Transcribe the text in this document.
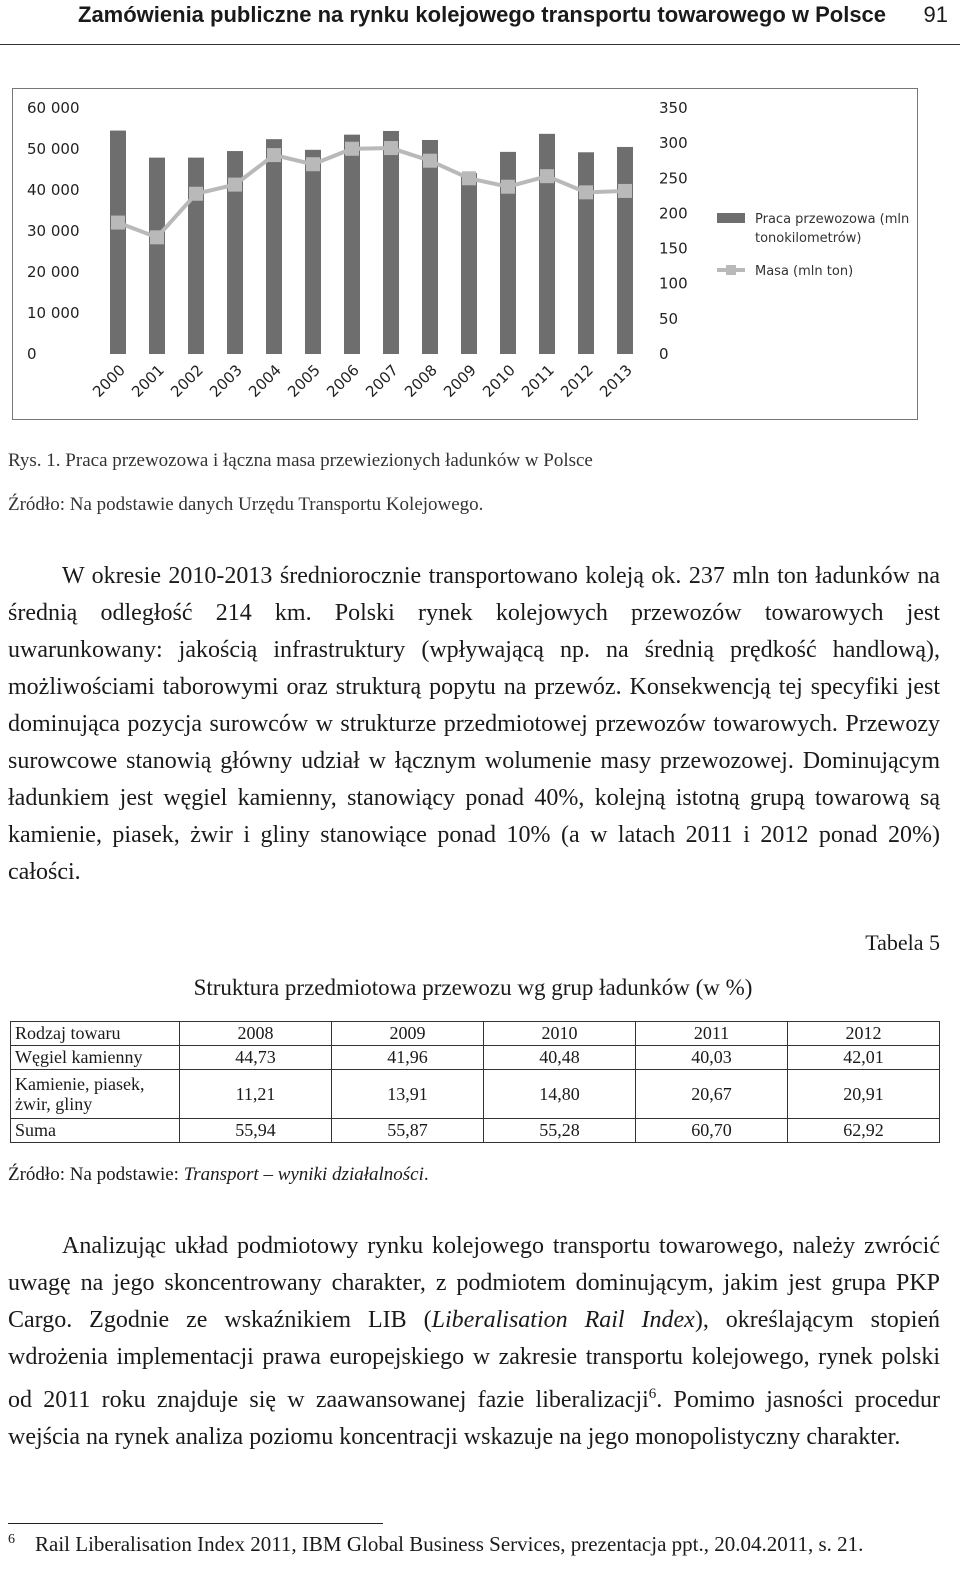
Zamówienia publiczne na rynku kolejowego transportu towarowego w Polsce 91
0
10 000
20 000
30 000
40 000
50 000
60 000
0
50
100
150
200
250
300
350
2000 2001 2002 2003 2004 2005 2006 2007 2008 2009 2010 2011 2012 2013
Praca przewozowa (mln
tonokilometrów)
Masa (mln ton)
Rys. 1. Praca przewozowa i łączna masa przewiezionych ładunków w Polsce
Źródło: Na podstawie danych Urzędu Transportu Kolejowego.

W okresie 2010-2013 średniorocznie transportowano koleją ok. 237 mln ton ładunków na średnią odległość 214 km. Polski rynek kolejowych przewozów towarowych jest uwarunkowany: jakością infrastruktury (wpływającą np. na średnią prędkość handlową), możliwościami taborowymi oraz strukturą popytu na przewóz. Konsekwencją tej specyfiki jest dominująca pozycja surowców w strukturze przedmiotowej przewozów towarowych. Przewozy surowcowe stanowią główny udział w łącznym wolumenie masy przewozowej. Dominującym ładunkiem jest węgiel kamienny, stanowiący ponad 40%, kolejną istotną grupą towarową są kamienie, piasek, żwir i gliny stanowiące ponad 10% (a w latach 2011 i 2012 ponad 20%) całości.

Tabela 5
Struktura przedmiotowa przewozu wg grup ładunków (w %)
Rodzaj towaru	2008	2009	2010	2011	2012
Węgiel kamienny	44,73	41,96	40,48	40,03	42,01
Kamienie, piasek,
żwir, gliny	11,21	13,91	14,80	20,67	20,91
Suma	55,94	55,87	55,28	60,70	62,92
Źródło: Na podstawie: Transport – wyniki działalności.

Analizując układ podmiotowy rynku kolejowego transportu towarowego, należy zwrócić uwagę na jego skoncentrowany charakter, z podmiotem dominującym, jakim jest grupa PKP Cargo. Zgodnie ze wskaźnikiem LIB (Liberalisation Rail Index), określającym stopień wdrożenia implementacji prawa europejskiego w zakresie transportu kolejowego, rynek polski od 2011 roku znajduje się w zaawansowanej fazie liberalizacji$^6$. Pomimo jasności procedur wejścia na rynek analiza poziomu koncentracji wskazuje na jego monopolistyczny charakter.

$^6$ Rail Liberalisation Index 2011, IBM Global Business Services, prezentacja ppt., 20.04.2011, s. 21.
